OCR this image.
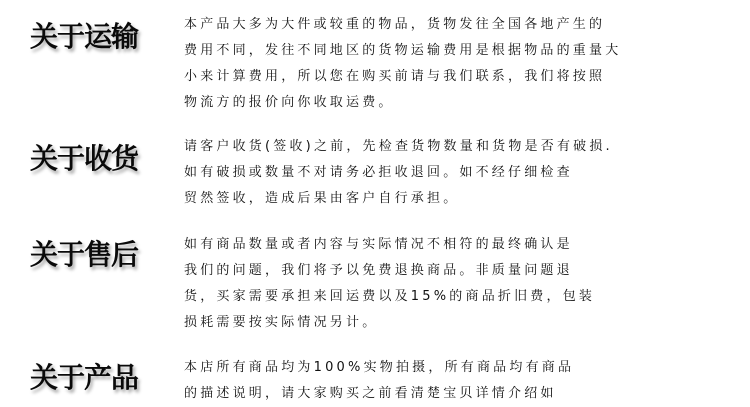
关于运输	本产品大多为大件或较重的物品，货物发往全国各地产生的
费用不同，发往不同地区的货物运输费用是根据物品的重量大
小来计算费用，所以您在购买前请与我们联系，我们将按照
物流方的报价向你收取运费。
关于收货	请客户收货(签收)之前，先检查货物数量和货物是否有破损.
如有破损或数量不对请务必拒收退回。如不经仔细检查
贸然签收，造成后果由客户自行承担。
关于售后	如有商品数量或者内容与实际情况不相符的最终确认是
我们的问题，我们将予以免费退换商品。非质量问题退
货，买家需要承担来回运费以及15%的商品折旧费，包装
损耗需要按实际情况另计。
关于产品	本店所有商品均为100%实物拍摄，所有商品均有商品
的描述说明，请大家购买之前看清楚宝贝详情介绍如
